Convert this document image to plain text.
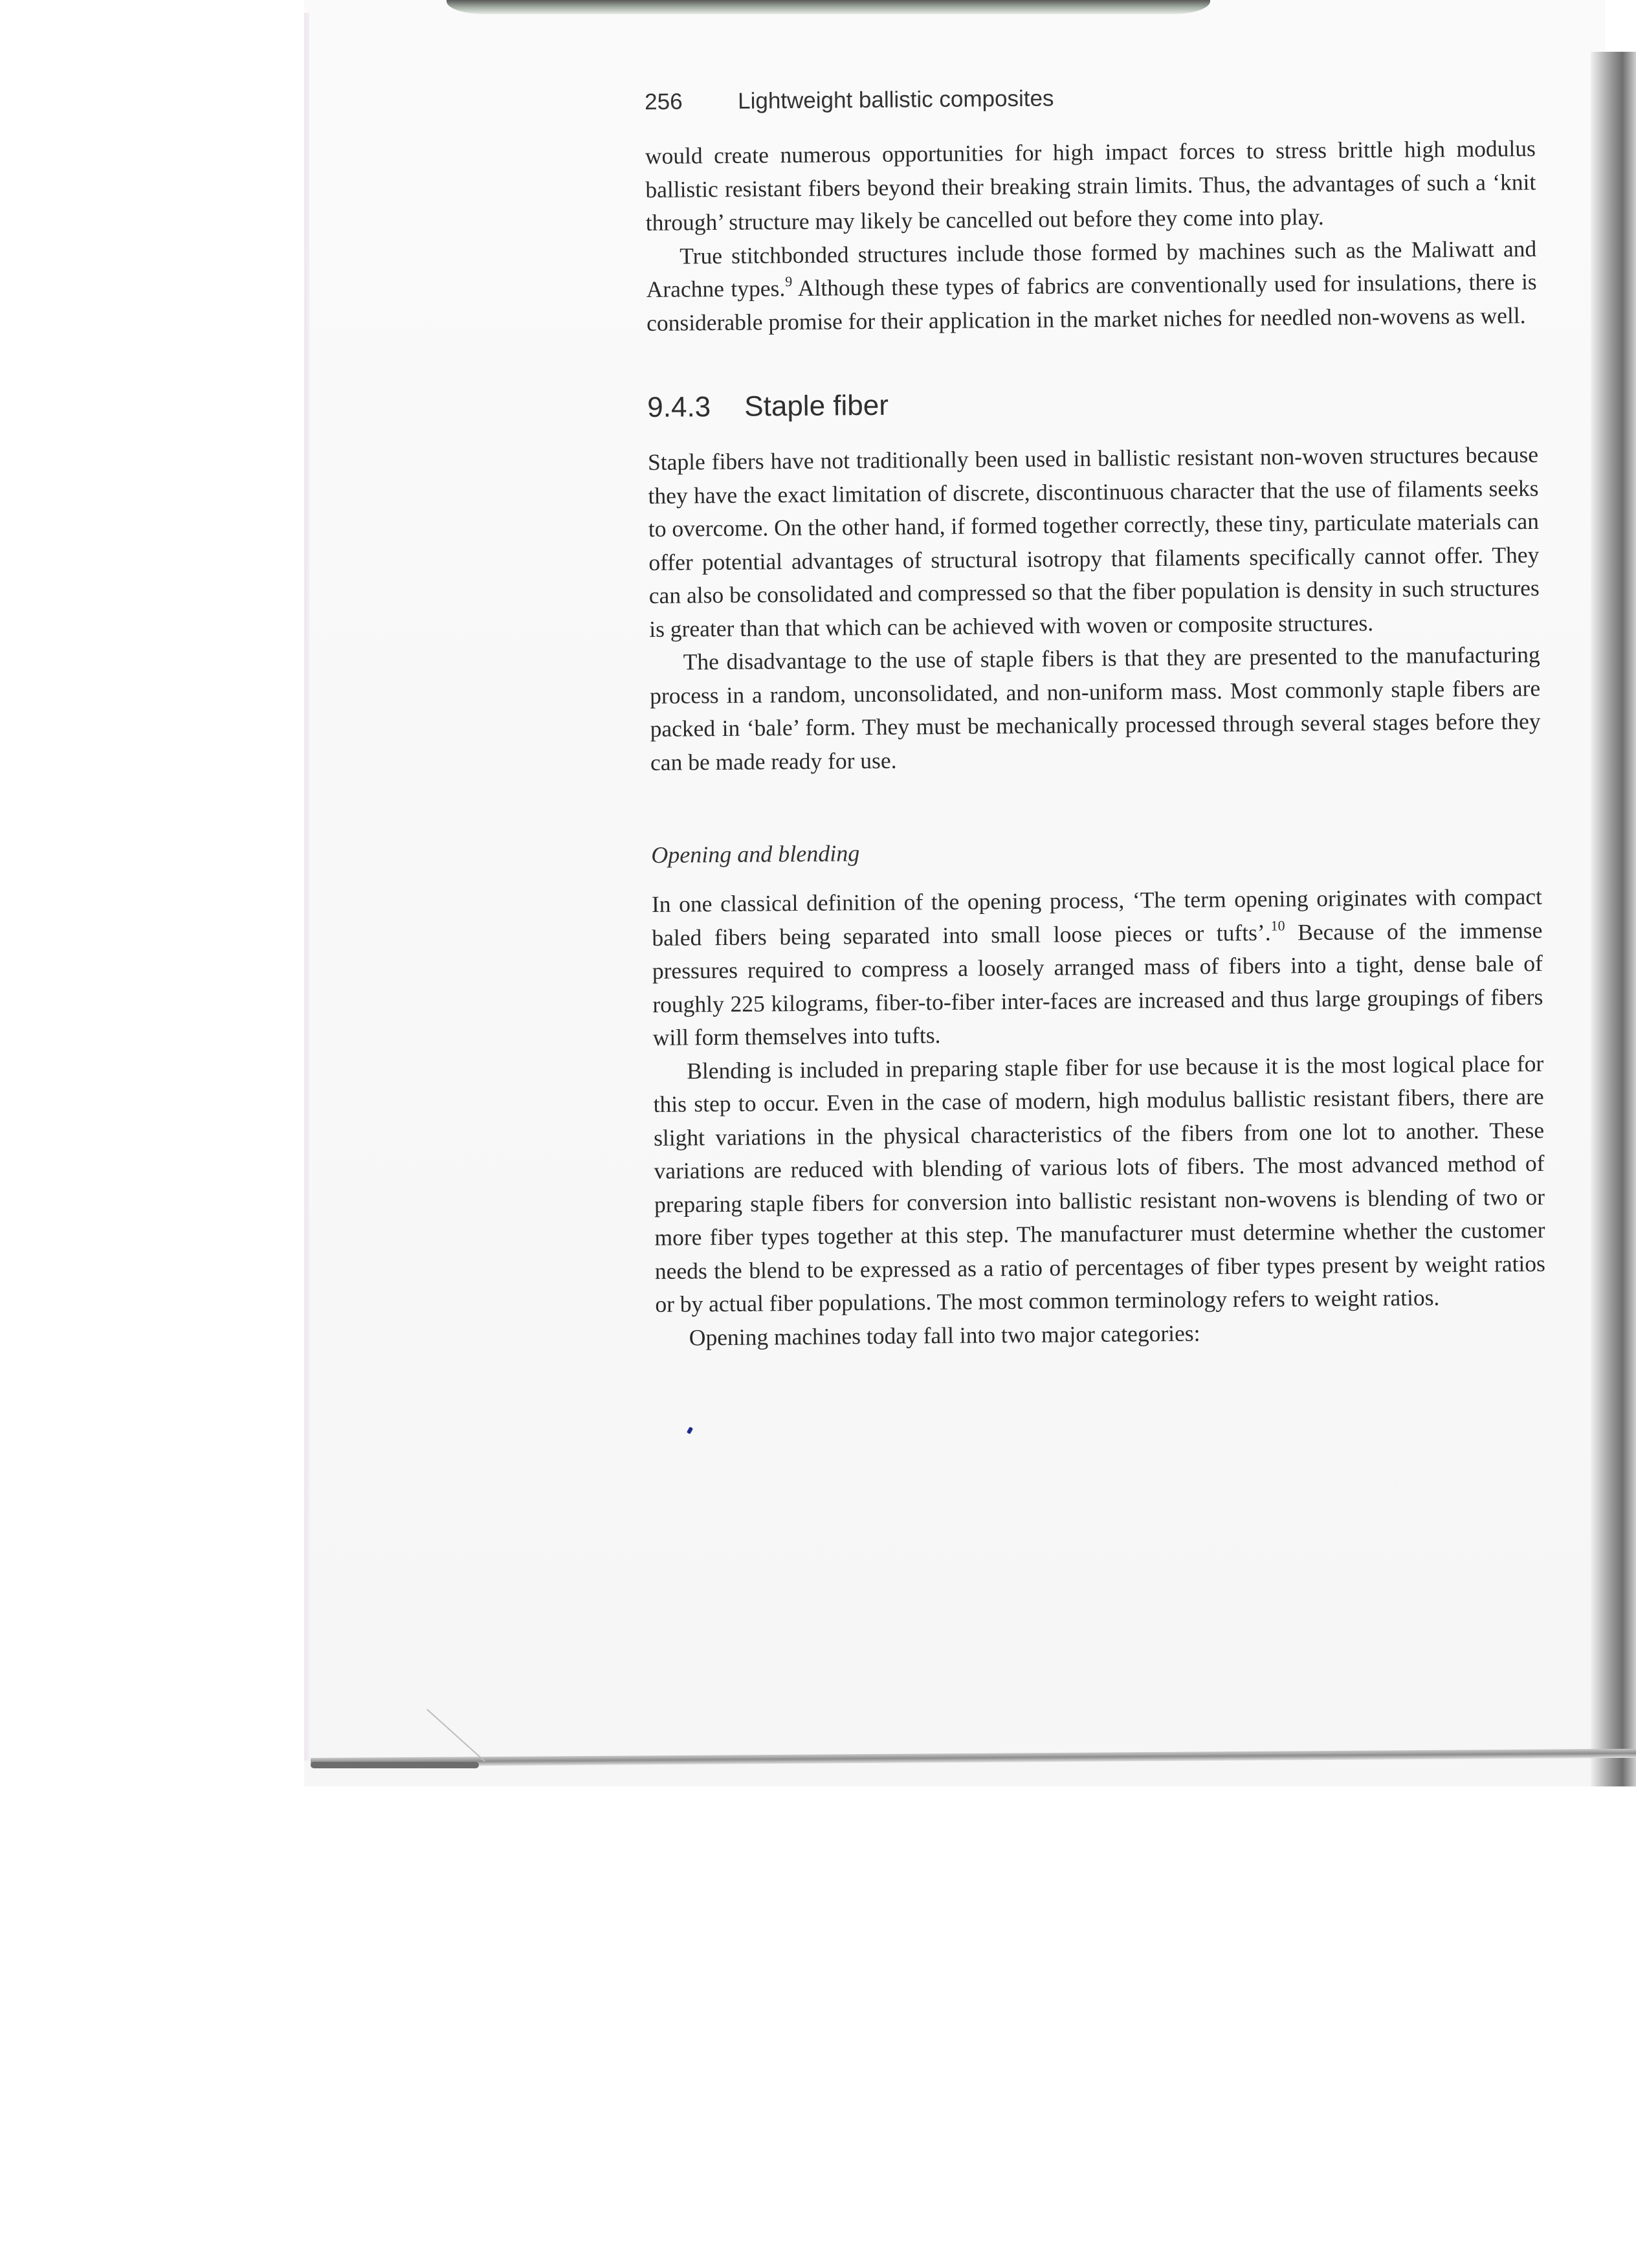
256 Lightweight ballistic composites

would create numerous opportunities for high impact forces to stress brittle high modulus ballistic resistant fibers beyond their breaking strain limits. Thus, the advantages of such a ‘knit through’ structure may likely be cancelled out before they come into play.

True stitchbonded structures include those formed by machines such as the Maliwatt and Arachne types.$^9$ Although these types of fabrics are conventionally used for insulations, there is considerable promise for their application in the market niches for needled non-wovens as well.

9.4.3 Staple fiber

Staple fibers have not traditionally been used in ballistic resistant non-woven structures because they have the exact limitation of discrete, discontinuous character that the use of filaments seeks to overcome. On the other hand, if formed together correctly, these tiny, particulate materials can offer potential advantages of structural isotropy that filaments specifically cannot offer. They can also be consolidated and compressed so that the fiber population is density in such structures is greater than that which can be achieved with woven or composite structures.

The disadvantage to the use of staple fibers is that they are presented to the manufacturing process in a random, unconsolidated, and non-uniform mass. Most commonly staple fibers are packed in ‘bale’ form. They must be mechanically processed through several stages before they can be made ready for use.

Opening and blending

In one classical definition of the opening process, ‘The term opening originates with compact baled fibers being separated into small loose pieces or tufts’.$^{10}$ Because of the immense pressures required to compress a loosely arranged mass of fibers into a tight, dense bale of roughly 225 kilograms, fiber-to-fiber inter-faces are increased and thus large groupings of fibers will form themselves into tufts.

Blending is included in preparing staple fiber for use because it is the most logical place for this step to occur. Even in the case of modern, high modulus ballistic resistant fibers, there are slight variations in the physical characteristics of the fibers from one lot to another. These variations are reduced with blending of various lots of fibers. The most advanced method of preparing staple fibers for conversion into ballistic resistant non-wovens is blending of two or more fiber types together at this step. The manufacturer must determine whether the customer needs the blend to be expressed as a ratio of percentages of fiber types present by weight ratios or by actual fiber populations. The most common terminology refers to weight ratios.

Opening machines today fall into two major categories:
